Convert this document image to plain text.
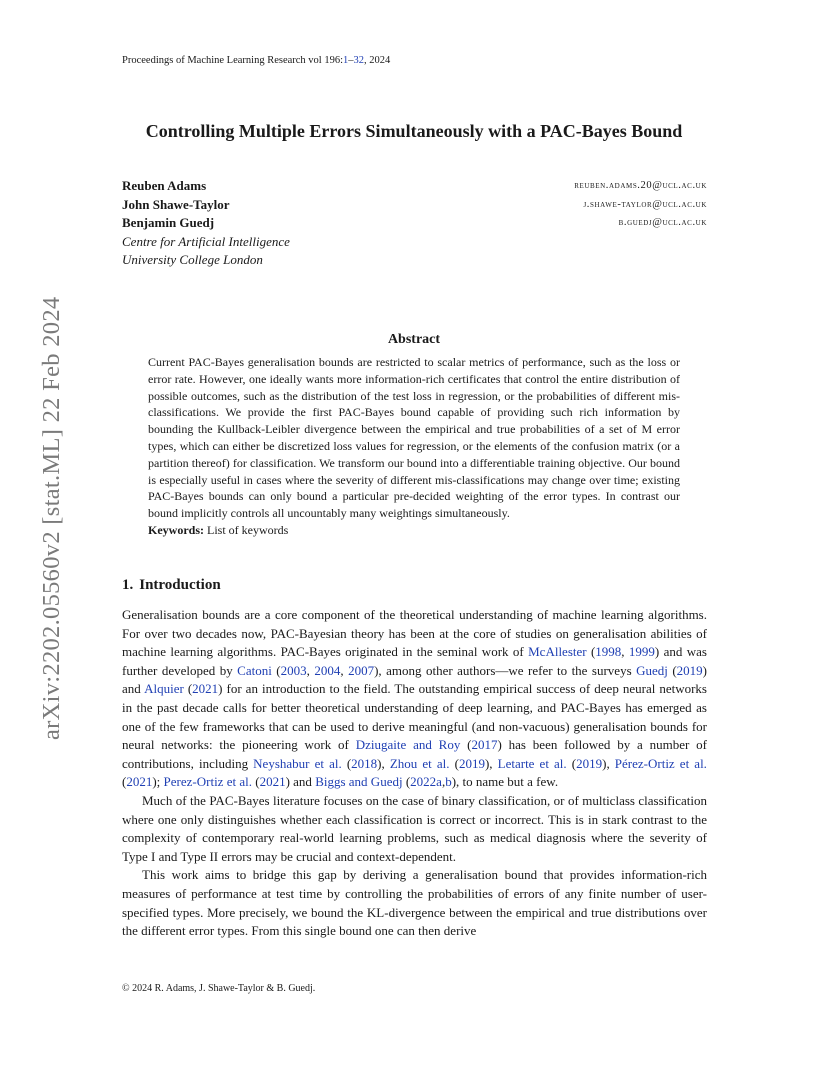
Proceedings of Machine Learning Research vol 196:1–32, 2024
Controlling Multiple Errors Simultaneously with a PAC-Bayes Bound
Reuben Adams	reuben.adams.20@ucl.ac.uk
John Shawe-Taylor	j.shawe-taylor@ucl.ac.uk
Benjamin Guedj	b.guedj@ucl.ac.uk
Centre for Artificial Intelligence
University College London
arXiv:2202.05560v2 [stat.ML] 22 Feb 2024	Abstract

Current PAC-Bayes generalisation bounds are restricted to scalar metrics of performance, such as the loss or error rate. However, one ideally wants more information-rich certificates that control the entire distribution of possible outcomes, such as the distribution of the test loss in regression, or the probabilities of different mis-classifications. We provide the first PAC-Bayes bound capable of providing such rich information by bounding the Kullback-Leibler divergence between the empirical and true probabilities of a set of M error types, which can either be discretized loss values for regression, or the elements of the confusion matrix (or a partition thereof) for classification. We transform our bound into a differentiable training objective. Our bound is especially useful in cases where the severity of different mis-classifications may change over time; existing PAC-Bayes bounds can only bound a particular pre-decided weighting of the error types. In contrast our bound implicitly controls all uncountably many weightings simultaneously.

Keywords: List of keywords

1. Introduction

Generalisation bounds are a core component of the theoretical understanding of machine learning algorithms. For over two decades now, PAC-Bayesian theory has been at the core of studies on generalisation abilities of machine learning algorithms. PAC-Bayes originated in the seminal work of McAllester (1998, 1999) and was further developed by Catoni (2003, 2004, 2007), among other authors—we refer to the surveys Guedj (2019) and Alquier (2021) for an introduction to the field. The outstanding empirical success of deep neural networks in the past decade calls for better theoretical understanding of deep learning, and PAC-Bayes has emerged as one of the few frameworks that can be used to derive meaningful (and non-vacuous) generalisation bounds for neural networks: the pioneering work of Dziugaite and Roy (2017) has been followed by a number of contributions, including Neyshabur et al. (2018), Zhou et al. (2019), Letarte et al. (2019), Pérez-Ortiz et al. (2021); Perez-Ortiz et al. (2021) and Biggs and Guedj (2022a,b), to name but a few.

Much of the PAC-Bayes literature focuses on the case of binary classification, or of multiclass classification where one only distinguishes whether each classification is correct or incorrect. This is in stark contrast to the complexity of contemporary real-world learning problems, such as medical diagnosis where the severity of Type I and Type II errors may be crucial and context-dependent.

This work aims to bridge this gap by deriving a generalisation bound that provides information-rich measures of performance at test time by controlling the probabilities of errors of any finite number of user-specified types. More precisely, we bound the KL-divergence between the empirical and true distributions over the different error types. From this single bound one can then derive

© 2024 R. Adams, J. Shawe-Taylor & B. Guedj.
